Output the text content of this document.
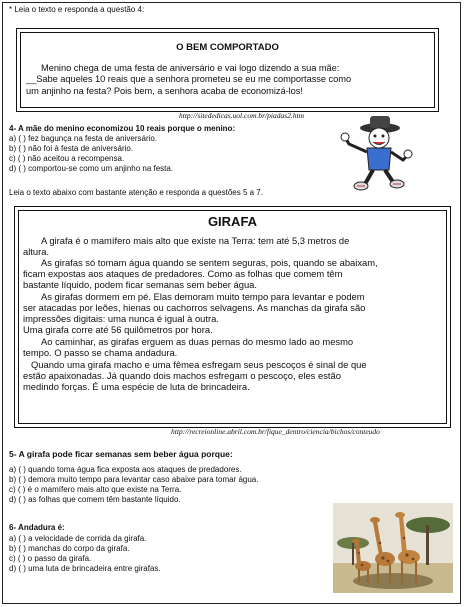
* Leia o texto e responda a questão 4:
O BEM COMPORTADO
Menino chega de uma festa de aniversário e vai logo dizendo a sua mãe:
__Sabe aqueles 10 reais que a senhora prometeu se eu me comportasse como
um anjinho na festa? Pois bem, a senhora acaba de economizá-los!
http://sitededicas.uol.com.br/piadas2.htm
4- A mãe do menino economizou 10 reais porque o menino:
a) ( ) fez bagunça na festa de aniversário.
b) ( ) não foi à festa de aniversário.
c) ( ) não aceitou a recompensa.
d) ( ) comportou-se como um anjinho na festa.
Leia o texto abaixo com bastante atenção e responda a questões 5 a 7.
GIRAFA
A girafa é o mamífero mais alto que existe na Terra: tem até 5,3 metros de
altura.
As girafas só tomam água quando se sentem seguras, pois, quando se abaixam,
ficam expostas aos ataques de predadores. Como as folhas que comem têm
bastante líquido, podem ficar semanas sem beber água.
As girafas dormem em pé. Elas demoram muito tempo para levantar e podem
ser atacadas por leões, hienas ou cachorros selvagens. As manchas da girafa são
impressões digitais: uma nunca é igual à outra.
Uma girafa corre até 56 quilômetros por hora.
Ao caminhar, as girafas erguem as duas pernas do mesmo lado ao mesmo
tempo. O passo se chama andadura.
Quando uma girafa macho e uma fêmea esfregam seus pescoços é sinal de que
estão apaixonadas. Já quando dois machos esfregam o pescoço, eles estão
medindo forças. É uma espécie de luta de brincadeira.
http://recreionline.abril.com.br/fique_dentro/ciencia/bichos/conteudo
5- A girafa pode ficar semanas sem beber água porque:
a) ( ) quando toma água fica exposta aos ataques de predadores.
b) ( ) demora muito tempo para levantar caso abaixe para tomar água.
c) ( ) é o mamífero mais alto que existe na Terra.
d) ( ) as folhas que comem têm bastante líquido.
6- Andadura é:
a) ( ) a velocidade de corrida da girafa.
b) ( ) manchas do corpo da girafa.
c) ( ) o passo da girafa.
d) ( ) uma luta de brincadeira entre girafas.
